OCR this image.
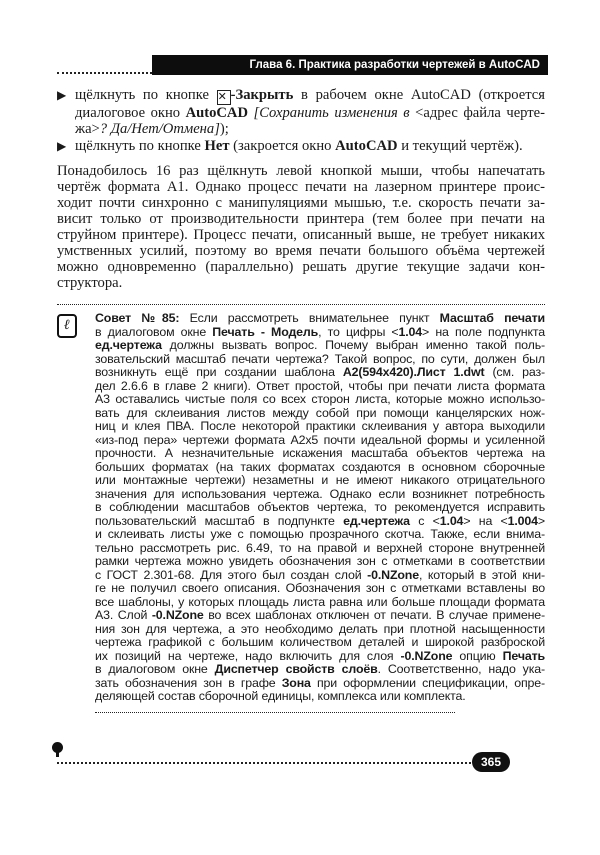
Глава 6. Практика разработки чертежей в AutoCAD
▶ щёлкнуть по кнопке ✕ -Закрыть в рабочем окне AutoCAD (откроется
диалоговое окно AutoCAD [Сохранить изменения в <адрес файла черте-
жа>? Да/Нет/Отмена]);
▶ щёлкнуть по кнопке Нет (закроется окно AutoCAD и текущий чертёж).
Понадобилось 16 раз щёлкнуть левой кнопкой мыши, чтобы напечатать
чертёж формата А1. Однако процесс печати на лазерном принтере проис-
ходит почти синхронно с манипуляциями мышью, т.е. скорость печати за-
висит только от производительности принтера (тем более при печати на
струйном принтере). Процесс печати, описанный выше, не требует никаких
умственных усилий, поэтому во время печати большого объёма чертежей
можно одновременно (параллельно) решать другие текущие задачи кон-
структора.
ℓ	Совет №85: Если рассмотреть внимательнее пункт Масштаб печати
в диалоговом окне Печать - Модель, то цифры <1.04> на поле подпункта
ед.чертежа должны вызвать вопрос. Почему выбран именно такой поль-
зовательский масштаб печати чертежа? Такой вопрос, по сути, должен был
возникнуть ещё при создании шаблона А2(594x420).Лист 1.dwt (см. раз-
дел 2.6.6 в главе 2 книги). Ответ простой, чтобы при печати листа формата
А3 оставались чистые поля со всех сторон листа, которые можно использо-
вать для склеивания листов между собой при помощи канцелярских нож-
ниц и клея ПВА. После некоторой практики склеивания у автора выходили
«из-под пера» чертежи формата А2x5 почти идеальной формы и усиленной
прочности. А незначительные искажения масштаба объектов чертежа на
больших форматах (на таких форматах создаются в основном сборочные
или монтажные чертежи) незаметны и не имеют никакого отрицательного
значения для использования чертежа. Однако если возникнет потребность
в соблюдении масштабов объектов чертежа, то рекомендуется исправить
пользовательский масштаб в подпункте ед.чертежа с <1.04> на <1.004>
и склеивать листы уже с помощью прозрачного скотча. Также, если внима-
тельно рассмотреть рис. 6.49, то на правой и верхней стороне внутренней
рамки чертежа можно увидеть обозначения зон с отметками в соответствии
с ГОСТ 2.301-68. Для этого был создан слой -0.NZone, который в этой кни-
ге не получил своего описания. Обозначения зон с отметками вставлены во
все шаблоны, у которых площадь листа равна или больше площади формата
А3. Слой -0.NZone во всех шаблонах отключен от печати. В случае примене-
ния зон для чертежа, а это необходимо делать при плотной насыщенности
чертежа графикой с большим количеством деталей и широкой разброской
их позиций на чертеже, надо включить для слоя -0.NZone опцию Печать
в диалоговом окне Диспетчер свойств слоёв. Соответственно, надо ука-
зать обозначения зон в графе Зона при оформлении спецификации, опре-
деляющей состав сборочной единицы, комплекса или комплекта.
365
